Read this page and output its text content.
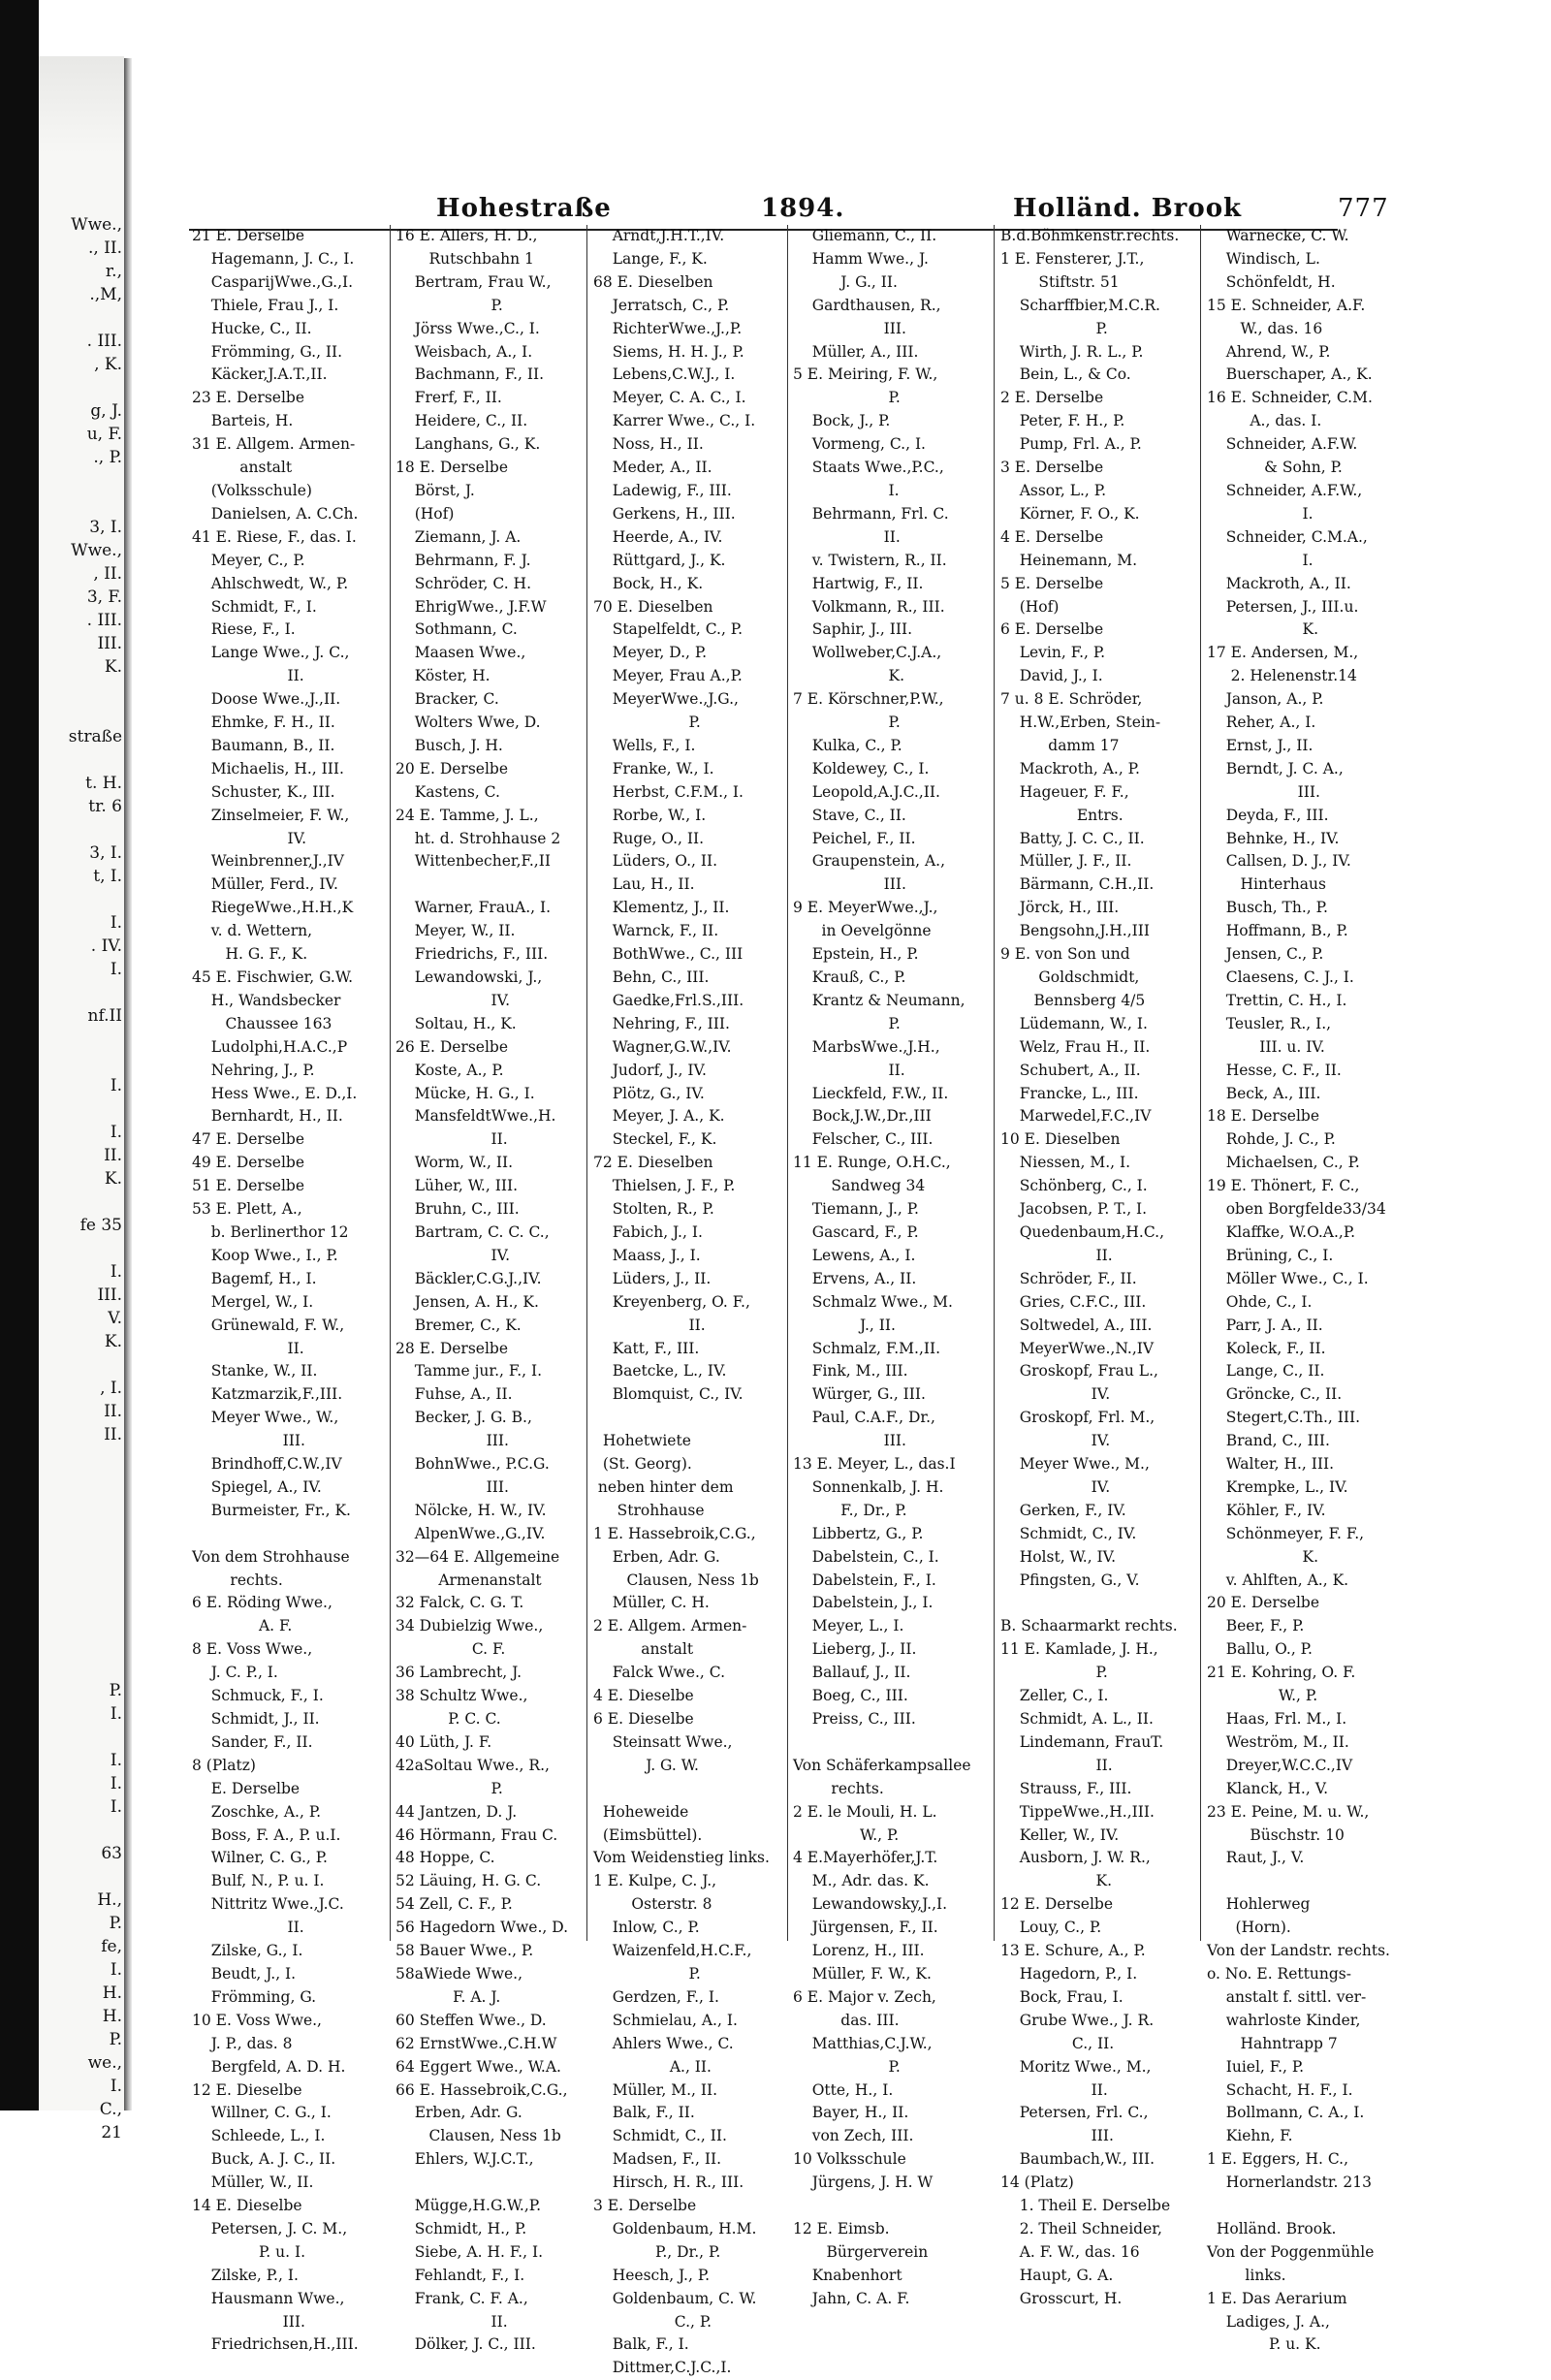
Wwe.,
., II.
r.,
.,M,

. III.
, K.

g, J.
u, F.
., P.

3, I.
Wwe.,
, II.
3, F.
. III.
III.
K.

straße

t. H.
tr. 6

3, I.
t, I.

I.
. IV.
I.

nf.II

I.

I.
II.
K.

fe 35

I.
III.
V.
K.

, I.
II.
II.

P.
I.

I.
I.
I.

63

H.,
P.
fe,
I.
H.
H.
P.
we.,
I.
C.,
21
Hohestraße	1894.	Holländ. Brook	777
21 E. Derselbe
Hagemann, J. C., I.
CasparijWwe.,G.,I.
Thiele, Frau J., I.
Hucke, C., II.
Frömming, G., II.
Käcker,J.A.T.,II.
23 E. Derselbe
Barteis, H.
31 E. Allgem. Armen-
anstalt
(Volksschule)
Danielsen, A. C.Ch.
41 E. Riese, F., das. I.
Meyer, C., P.
Ahlschwedt, W., P.
Schmidt, F., I.
Riese, F., I.
Lange Wwe., J. C.,
II.
Doose Wwe.,J.,II.
Ehmke, F. H., II.
Baumann, B., II.
Michaelis, H., III.
Schuster, K., III.
Zinselmeier, F. W.,
IV.
Weinbrenner,J.,IV
Müller, Ferd., IV.
RiegeWwe.,H.H.,K
v. d. Wettern,
H. G. F., K.
45 E. Fischwier, G.W.
H., Wandsbecker
Chaussee 163
Ludolphi,H.A.C.,P
Nehring, J., P.
Hess Wwe., E. D.,I.
Bernhardt, H., II.
47 E. Derselbe
49 E. Derselbe
51 E. Derselbe
53 E. Plett, A.,
b. Berlinerthor 12
Koop Wwe., I., P.
Bagemf, H., I.
Mergel, W., I.
Grünewald, F. W.,
II.
Stanke, W., II.
Katzmarzik,F.,III.
Meyer Wwe., W.,
III.
Brindhoff,C.W.,IV
Spiegel, A., IV.
Burmeister, Fr., K.

Von dem Strohhause
rechts.
6 E. Röding Wwe.,
A. F.
8 E. Voss Wwe.,
J. C. P., I.
Schmuck, F., I.
Schmidt, J., II.
Sander, F., II.
8 (Platz)
E. Derselbe
Zoschke, A., P.
Boss, F. A., P. u.I.
Wilner, C. G., P.
Bulf, N., P. u. I.
Nittritz Wwe.,J.C.
II.
Zilske, G., I.
Beudt, J., I.
Frömming, G.
10 E. Voss Wwe.,
J. P., das. 8
Bergfeld, A. D. H.
12 E. Dieselbe
Willner, C. G., I.
Schleede, L., I.
Buck, A. J. C., II.
Müller, W., II.
14 E. Dieselbe
Petersen, J. C. M.,
P. u. I.
Zilske, P., I.
Hausmann Wwe.,
III.
Friedrichsen,H.,III.
16 E. Allers, H. D.,
Rutschbahn 1
Bertram, Frau W.,
P.
Jörss Wwe.,C., I.
Weisbach, A., I.
Bachmann, F., II.
Frerf, F., II.
Heidere, C., II.
Langhans, G., K.
18 E. Derselbe
Börst, J.
(Hof)
Ziemann, J. A.
Behrmann, F. J.
Schröder, C. H.
EhrigWwe., J.F.W
Sothmann, C.
Maasen Wwe.,
Köster, H.
Bracker, C.
Wolters Wwe, D.
Busch, J. H.
20 E. Derselbe
Kastens, C.
24 E. Tamme, J. L.,
ht. d. Strohhause 2
Wittenbecher,F.,II

Warner, FrauA., I.
Meyer, W., II.
Friedrichs, F., III.
Lewandowski, J.,
IV.
Soltau, H., K.
26 E. Derselbe
Koste, A., P.
Mücke, H. G., I.
MansfeldtWwe.,H.
II.
Worm, W., II.
Lüher, W., III.
Bruhn, C., III.
Bartram, C. C. C.,
IV.
Bäckler,C.G.J.,IV.
Jensen, A. H., K.
Bremer, C., K.
28 E. Derselbe
Tamme jur., F., I.
Fuhse, A., II.
Becker, J. G. B.,
III.
BohnWwe., P.C.G.
III.
Nölcke, H. W., IV.
AlpenWwe.,G.,IV.
32—64 E. Allgemeine
Armenanstalt
32 Falck, C. G. T.
34 Dubielzig Wwe.,
C. F.
36 Lambrecht, J.
38 Schultz Wwe.,
P. C. C.
40 Lüth, J. F.
42aSoltau Wwe., R.,
P.
44 Jantzen, D. J.
46 Hörmann, Frau C.
48 Hoppe, C.
52 Läuing, H. G. C.
54 Zell, C. F., P.
56 Hagedorn Wwe., D.
58 Bauer Wwe., P.
58aWiede Wwe.,
F. A. J.
60 Steffen Wwe., D.
62 ErnstWwe.,C.H.W
64 Eggert Wwe., W.A.
66 E. Hassebroik,C.G.,
Erben, Adr. G.
Clausen, Ness 1b
Ehlers, W.J.C.T.,

Mügge,H.G.W.,P.
Schmidt, H., P.
Siebe, A. H. F., I.
Fehlandt, F., I.
Frank, C. F. A.,
II.
Dölker, J. C., III.
Arndt,J.H.T.,IV.
Lange, F., K.
68 E. Dieselben
Jerratsch, C., P.
RichterWwe.,J.,P.
Siems, H. H. J., P.
Lebens,C.W.J., I.
Meyer, C. A. C., I.
Karrer Wwe., C., I.
Noss, H., II.
Meder, A., II.
Ladewig, F., III.
Gerkens, H., III.
Heerde, A., IV.
Rüttgard, J., K.
Bock, H., K.
70 E. Dieselben
Stapelfeldt, C., P.
Meyer, D., P.
Meyer, Frau A.,P.
MeyerWwe.,J.G.,
P.
Wells, F., I.
Franke, W., I.
Herbst, C.F.M., I.
Rorbe, W., I.
Ruge, O., II.
Lüders, O., II.
Lau, H., II.
Klementz, J., II.
Warnck, F., II.
BothWwe., C., III
Behn, C., III.
Gaedke,Frl.S.,III.
Nehring, F., III.
Wagner,G.W.,IV.
Judorf, J., IV.
Plötz, G., IV.
Meyer, J. A., K.
Steckel, F., K.
72 E. Dieselben
Thielsen, J. F., P.
Stolten, R., P.
Fabich, J., I.
Maass, J., I.
Lüders, J., II.
Kreyenberg, O. F.,
II.
Katt, F., III.
Baetcke, L., IV.
Blomquist, C., IV.

Hohetwiete
(St. Georg).
neben hinter dem
Strohhause
1 E. Hassebroik,C.G.,
Erben, Adr. G.
Clausen, Ness 1b
Müller, C. H.
2 E. Allgem. Armen-
anstalt
Falck Wwe., C.
4 E. Dieselbe
6 E. Dieselbe
Steinsatt Wwe.,
J. G. W.

Hoheweide
(Eimsbüttel).
Vom Weidenstieg links.
1 E. Kulpe, C. J.,
Osterstr. 8
Inlow, C., P.
Waizenfeld,H.C.F.,
P.
Gerdzen, F., I.
Schmielau, A., I.
Ahlers Wwe., C.
A., II.
Müller, M., II.
Balk, F., II.
Schmidt, C., II.
Madsen, F., II.
Hirsch, H. R., III.
3 E. Derselbe
Goldenbaum, H.M.
P., Dr., P.
Heesch, J., P.
Goldenbaum, C. W.
C., P.
Balk, F., I.
Dittmer,C.J.C.,I.
Gliemann, C., II.
Hamm Wwe., J.
J. G., II.
Gardthausen, R.,
III.
Müller, A., III.
5 E. Meiring, F. W.,
P.
Bock, J., P.
Vormeng, C., I.
Staats Wwe.,P.C.,
I.
Behrmann, Frl. C.
II.
v. Twistern, R., II.
Hartwig, F., II.
Volkmann, R., III.
Saphir, J., III.
Wollweber,C.J.A.,
K.
7 E. Körschner,P.W.,
P.
Kulka, C., P.
Koldewey, C., I.
Leopold,A.J.C.,II.
Stave, C., II.
Peichel, F., II.
Graupenstein, A.,
III.
9 E. MeyerWwe.,J.,
in Oevelgönne
Epstein, H., P.
Krauß, C., P.
Krantz & Neumann,
P.
MarbsWwe.,J.H.,
II.
Lieckfeld, F.W., II.
Bock,J.W.,Dr.,III
Felscher, C., III.
11 E. Runge, O.H.C.,
Sandweg 34
Tiemann, J., P.
Gascard, F., P.
Lewens, A., I.
Ervens, A., II.
Schmalz Wwe., M.
J., II.
Schmalz, F.M.,II.
Fink, M., III.
Würger, G., III.
Paul, C.A.F., Dr.,
III.
13 E. Meyer, L., das.I
Sonnenkalb, J. H.
F., Dr., P.
Libbertz, G., P.
Dabelstein, C., I.
Dabelstein, F., I.
Dabelstein, J., I.
Meyer, L., I.
Lieberg, J., II.
Ballauf, J., II.
Boeg, C., III.
Preiss, C., III.

Von Schäferkampsallee
rechts.
2 E. le Mouli, H. L.
W., P.
4 E.Mayerhöfer,J.T.
M., Adr. das. K.
Lewandowsky,J.,I.
Jürgensen, F., II.
Lorenz, H., III.
Müller, F. W., K.
6 E. Major v. Zech,
das. III.
Matthias,C.J.W.,
P.
Otte, H., I.
Bayer, H., II.
von Zech, III.
10 Volksschule
Jürgens, J. H. W

12 E. Eimsb.
Bürgerverein
Knabenhort
Jahn, C. A. F.
B.d.Böhmkenstr.rechts.
1 E. Fensterer, J.T.,
Stiftstr. 51
Scharffbier,M.C.R.
P.
Wirth, J. R. L., P.
Bein, L., & Co.
2 E. Derselbe
Peter, F. H., P.
Pump, Frl. A., P.
3 E. Derselbe
Assor, L., P.
Körner, F. O., K.
4 E. Derselbe
Heinemann, M.
5 E. Derselbe
(Hof)
6 E. Derselbe
Levin, F., P.
David, J., I.
7 u. 8 E. Schröder,
H.W.,Erben, Stein-
damm 17
Mackroth, A., P.
Hageuer, F. F.,
Entrs.
Batty, J. C. C., II.
Müller, J. F., II.
Bärmann, C.H.,II.
Jörck, H., III.
Bengsohn,J.H.,III
9 E. von Son und
Goldschmidt,
Bennsberg 4/5
Lüdemann, W., I.
Welz, Frau H., II.
Schubert, A., II.
Francke, L., III.
Marwedel,F.C.,IV
10 E. Dieselben
Niessen, M., I.
Schönberg, C., I.
Jacobsen, P. T., I.
Quedenbaum,H.C.,
II.
Schröder, F., II.
Gries, C.F.C., III.
Soltwedel, A., III.
MeyerWwe.,N.,IV
Groskopf, Frau L.,
IV.
Groskopf, Frl. M.,
IV.
Meyer Wwe., M.,
IV.
Gerken, F., IV.
Schmidt, C., IV.
Holst, W., IV.
Pfingsten, G., V.

B. Schaarmarkt rechts.
11 E. Kamlade, J. H.,
P.
Zeller, C., I.
Schmidt, A. L., II.
Lindemann, FrauT.
II.
Strauss, F., III.
TippeWwe.,H.,III.
Keller, W., IV.
Ausborn, J. W. R.,
K.
12 E. Derselbe
Louy, C., P.
13 E. Schure, A., P.
Hagedorn, P., I.
Bock, Frau, I.
Grube Wwe., J. R.
C., II.
Moritz Wwe., M.,
II.
Petersen, Frl. C.,
III.
Baumbach,W., III.
14 (Platz)
1. Theil E. Derselbe
2. Theil Schneider,
A. F. W., das. 16
Haupt, G. A.
Grosscurt, H.
Warnecke, C. W.
Windisch, L.
Schönfeldt, H.
15 E. Schneider, A.F.
W., das. 16
Ahrend, W., P.
Buerschaper, A., K.
16 E. Schneider, C.M.
A., das. I.
Schneider, A.F.W.
& Sohn, P.
Schneider, A.F.W.,
I.
Schneider, C.M.A.,
I.
Mackroth, A., II.
Petersen, J., III.u.
K.
17 E. Andersen, M.,
2. Helenenstr.14
Janson, A., P.
Reher, A., I.
Ernst, J., II.
Berndt, J. C. A.,
III.
Deyda, F., III.
Behnke, H., IV.
Callsen, D. J., IV.
Hinterhaus
Busch, Th., P.
Hoffmann, B., P.
Jensen, C., P.
Claesens, C. J., I.
Trettin, C. H., I.
Teusler, R., I.,
III. u. IV.
Hesse, C. F., II.
Beck, A., III.
18 E. Derselbe
Rohde, J. C., P.
Michaelsen, C., P.
19 E. Thönert, F. C.,
oben Borgfelde33/34
Klaffke, W.O.A.,P.
Brüning, C., I.
Möller Wwe., C., I.
Ohde, C., I.
Parr, J. A., II.
Koleck, F., II.
Lange, C., II.
Gröncke, C., II.
Stegert,C.Th., III.
Brand, C., III.
Walter, H., III.
Krempke, L., IV.
Köhler, F., IV.
Schönmeyer, F. F.,
K.
v. Ahlften, A., K.
20 E. Derselbe
Beer, F., P.
Ballu, O., P.
21 E. Kohring, O. F.
W., P.
Haas, Frl. M., I.
Weström, M., II.
Dreyer,W.C.C.,IV
Klanck, H., V.
23 E. Peine, M. u. W.,
Büschstr. 10
Raut, J., V.

Hohlerweg
(Horn).
Von der Landstr. rechts.
o. No. E. Rettungs-
anstalt f. sittl. ver-
wahrloste Kinder,
Hahntrapp 7
Iuiel, F., P.
Schacht, H. F., I.
Bollmann, C. A., I.
Kiehn, F.
1 E. Eggers, H. C.,
Hornerlandstr. 213

Holländ. Brook.
Von der Poggenmühle
links.
1 E. Das Aerarium
Ladiges, J. A.,
P. u. K.
